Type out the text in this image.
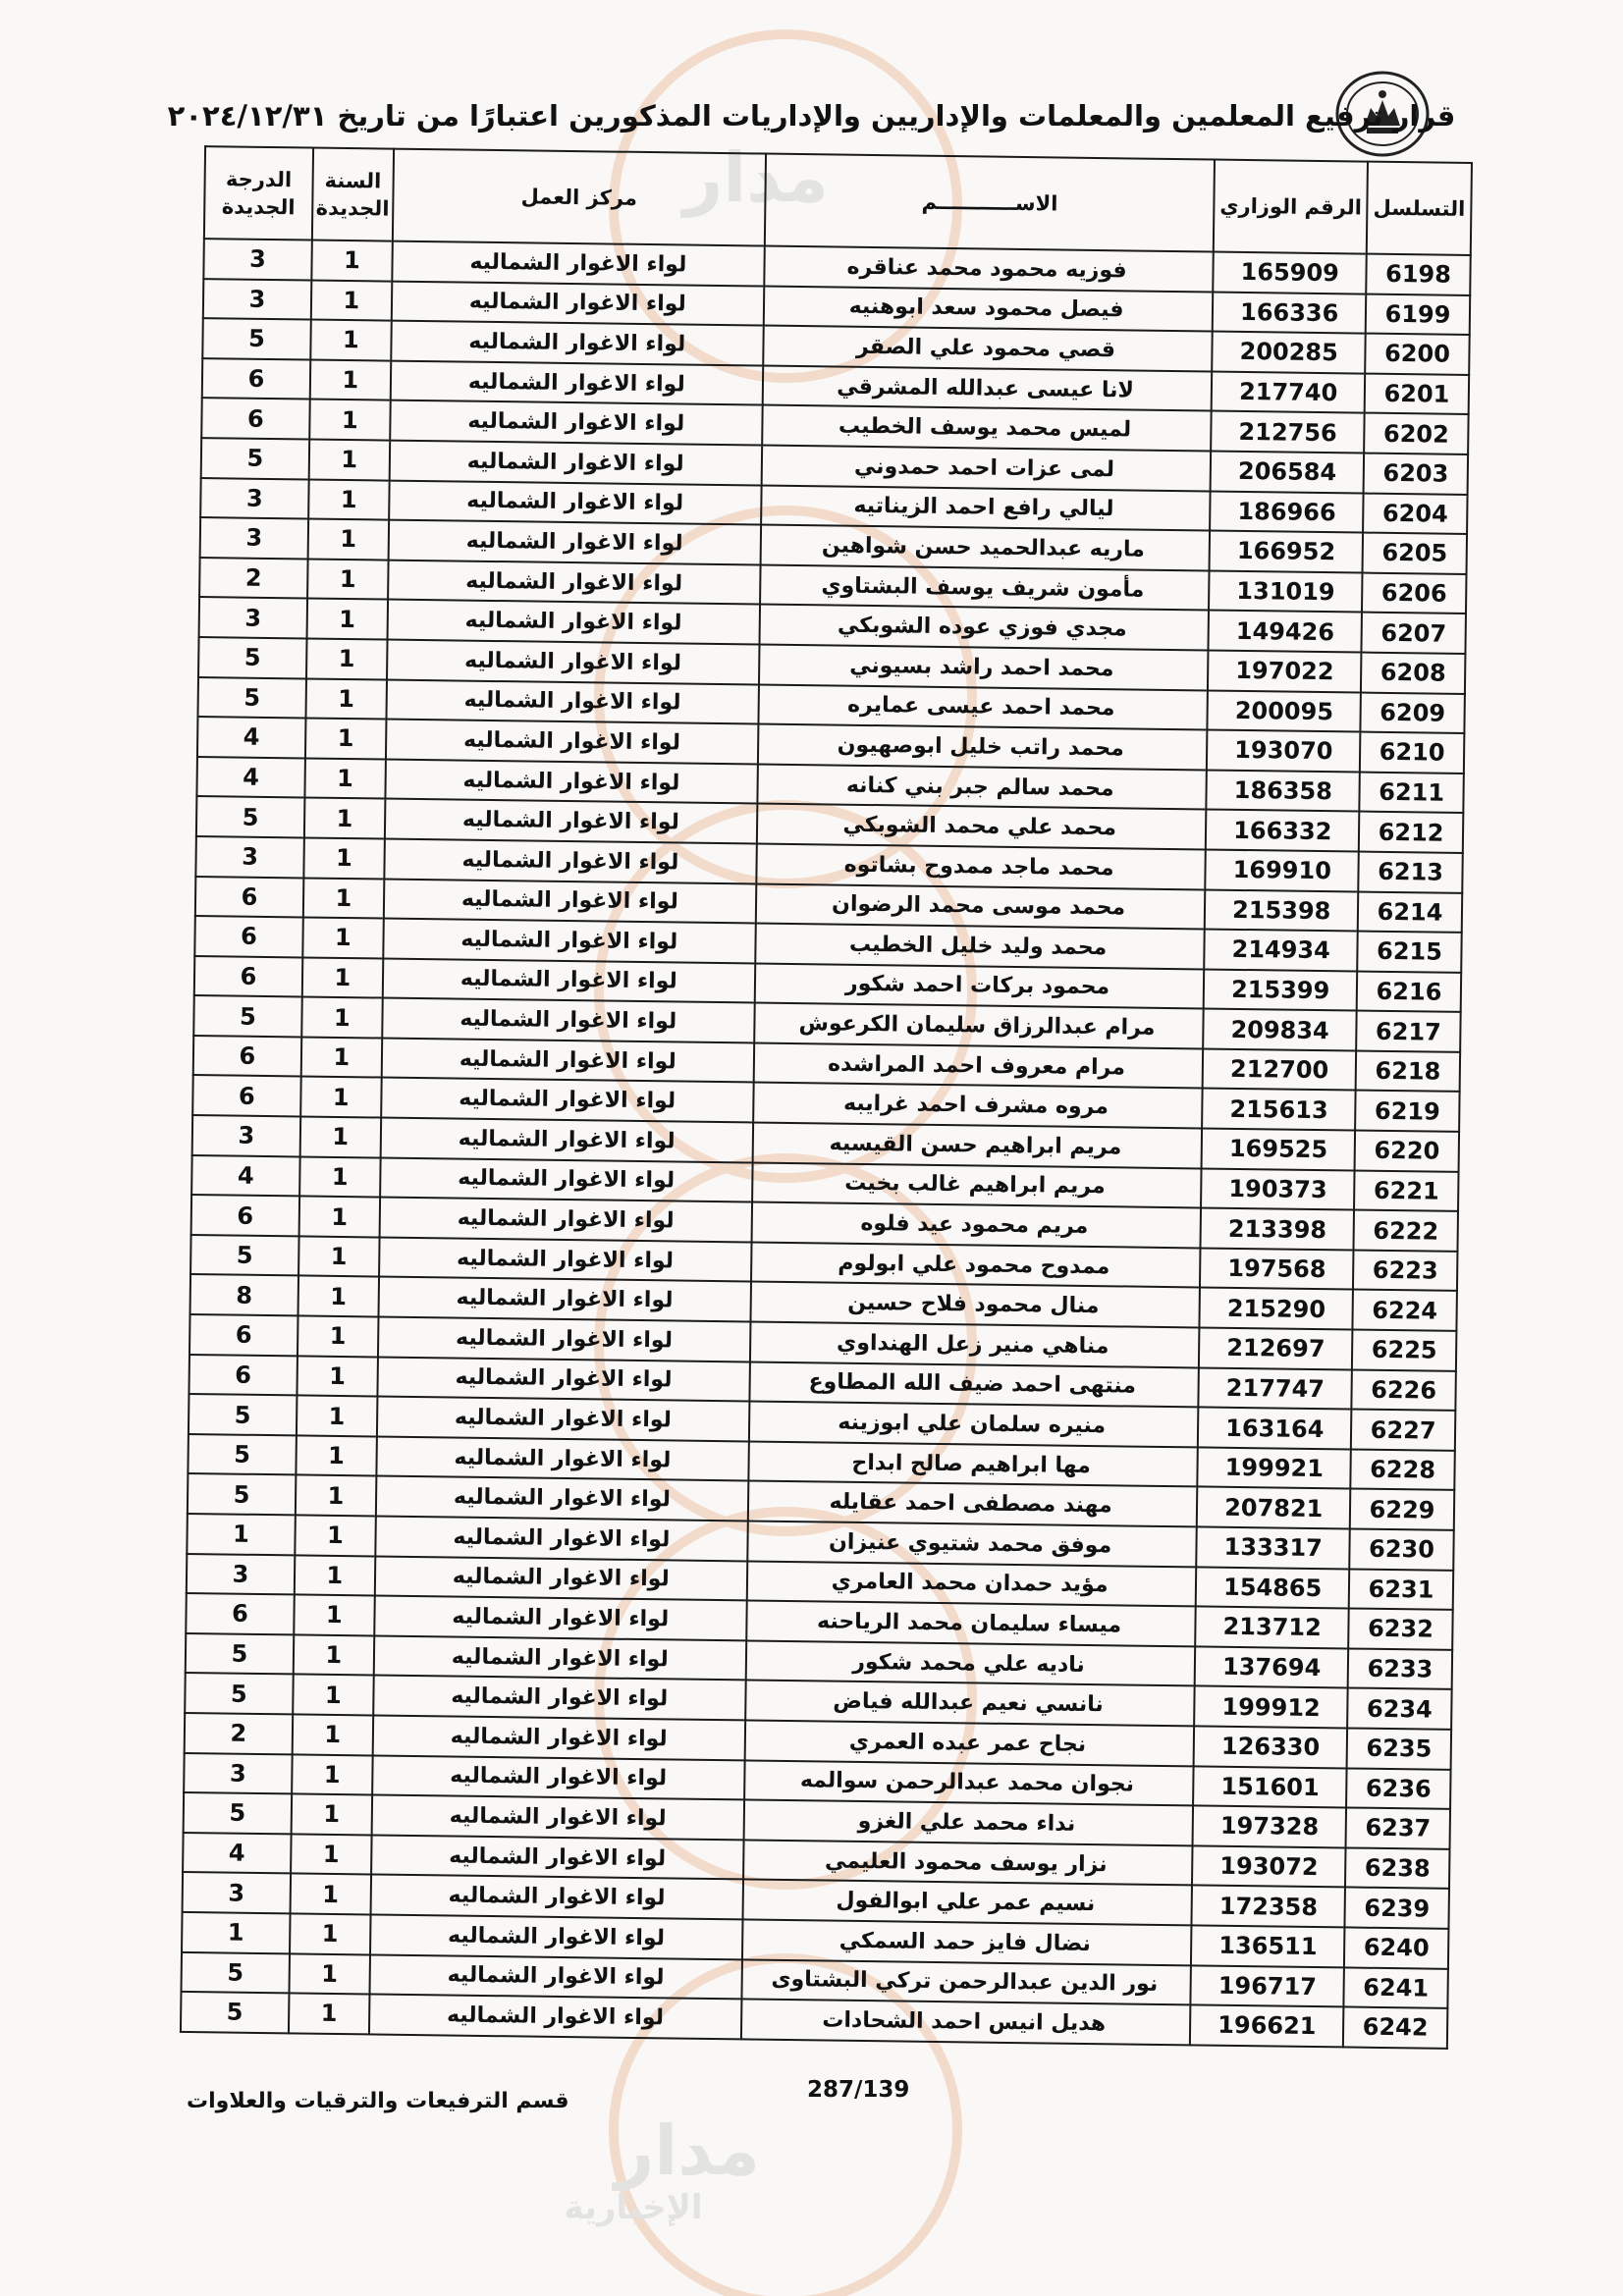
مدار
مدار
الإخبارية
قرار ترفيع المعلمين والمعلمات والإداريين والإداريات المذكورين اعتبارًا من تاريخ ٢٠٢٤/١٢/٣١
التسلسل	الرقم الوزاري	الاســـــــــــم	مركز العمل	السنة الجديدة	الدرجة الجديدة
6198	165909	فوزيه محمود محمد عناقره	لواء الاغوار الشماليه	1	3
6199	166336	فيصل محمود سعد ابوهنيه	لواء الاغوار الشماليه	1	3
6200	200285	قصي محمود علي الصقر	لواء الاغوار الشماليه	1	5
6201	217740	لانا عيسى عبدالله المشرقي	لواء الاغوار الشماليه	1	6
6202	212756	لميس محمد يوسف الخطيب	لواء الاغوار الشماليه	1	6
6203	206584	لمى عزات احمد حمدوني	لواء الاغوار الشماليه	1	5
6204	186966	ليالي رافع احمد الزيناتيه	لواء الاغوار الشماليه	1	3
6205	166952	ماريه عبدالحميد حسن شواهين	لواء الاغوار الشماليه	1	3
6206	131019	مأمون شريف يوسف البشتاوي	لواء الاغوار الشماليه	1	2
6207	149426	مجدي فوزي عوده الشوبكي	لواء الاغوار الشماليه	1	3
6208	197022	محمد احمد راشد بسيوني	لواء الاغوار الشماليه	1	5
6209	200095	محمد احمد عيسى عمايره	لواء الاغوار الشماليه	1	5
6210	193070	محمد راتب خليل ابوصهيون	لواء الاغوار الشماليه	1	4
6211	186358	محمد سالم جبر بني كنانه	لواء الاغوار الشماليه	1	4
6212	166332	محمد علي محمد الشوبكي	لواء الاغوار الشماليه	1	5
6213	169910	محمد ماجد ممدوح بشاتوه	لواء الاغوار الشماليه	1	3
6214	215398	محمد موسى محمد الرضوان	لواء الاغوار الشماليه	1	6
6215	214934	محمد وليد خليل الخطيب	لواء الاغوار الشماليه	1	6
6216	215399	محمود بركات احمد شكور	لواء الاغوار الشماليه	1	6
6217	209834	مرام عبدالرزاق سليمان الكرعوش	لواء الاغوار الشماليه	1	5
6218	212700	مرام معروف احمد المراشده	لواء الاغوار الشماليه	1	6
6219	215613	مروه مشرف احمد غرايبه	لواء الاغوار الشماليه	1	6
6220	169525	مريم ابراهيم حسن القيسيه	لواء الاغوار الشماليه	1	3
6221	190373	مريم ابراهيم غالب بخيت	لواء الاغوار الشماليه	1	4
6222	213398	مريم محمود عيد فلوه	لواء الاغوار الشماليه	1	6
6223	197568	ممدوح محمود علي ابولوم	لواء الاغوار الشماليه	1	5
6224	215290	منال محمود فلاح حسين	لواء الاغوار الشماليه	1	8
6225	212697	مناهي منير زعل الهنداوي	لواء الاغوار الشماليه	1	6
6226	217747	منتهى احمد ضيف الله المطاوع	لواء الاغوار الشماليه	1	6
6227	163164	منيره سلمان علي ابوزينه	لواء الاغوار الشماليه	1	5
6228	199921	مها ابراهيم صالح ابداح	لواء الاغوار الشماليه	1	5
6229	207821	مهند مصطفى احمد عقايله	لواء الاغوار الشماليه	1	5
6230	133317	موفق محمد شتيوي عنيزان	لواء الاغوار الشماليه	1	1
6231	154865	مؤيد حمدان محمد العامري	لواء الاغوار الشماليه	1	3
6232	213712	ميساء سليمان محمد الرياحنه	لواء الاغوار الشماليه	1	6
6233	137694	ناديه علي محمد شكور	لواء الاغوار الشماليه	1	5
6234	199912	نانسي نعيم عبدالله فياض	لواء الاغوار الشماليه	1	5
6235	126330	نجاح عمر عبده العمري	لواء الاغوار الشماليه	1	2
6236	151601	نجوان محمد عبدالرحمن سوالمه	لواء الاغوار الشماليه	1	3
6237	197328	نداء محمد علي الغزو	لواء الاغوار الشماليه	1	5
6238	193072	نزار يوسف محمود العليمي	لواء الاغوار الشماليه	1	4
6239	172358	نسيم عمر علي ابوالفول	لواء الاغوار الشماليه	1	3
6240	136511	نضال فايز حمد السمكي	لواء الاغوار الشماليه	1	1
6241	196717	نور الدين عبدالرحمن تركي البشتاوى	لواء الاغوار الشماليه	1	5
6242	196621	هديل انيس احمد الشحادات	لواء الاغوار الشماليه	1	5
قسم الترفيعات والترقيات والعلاوات	287/139
